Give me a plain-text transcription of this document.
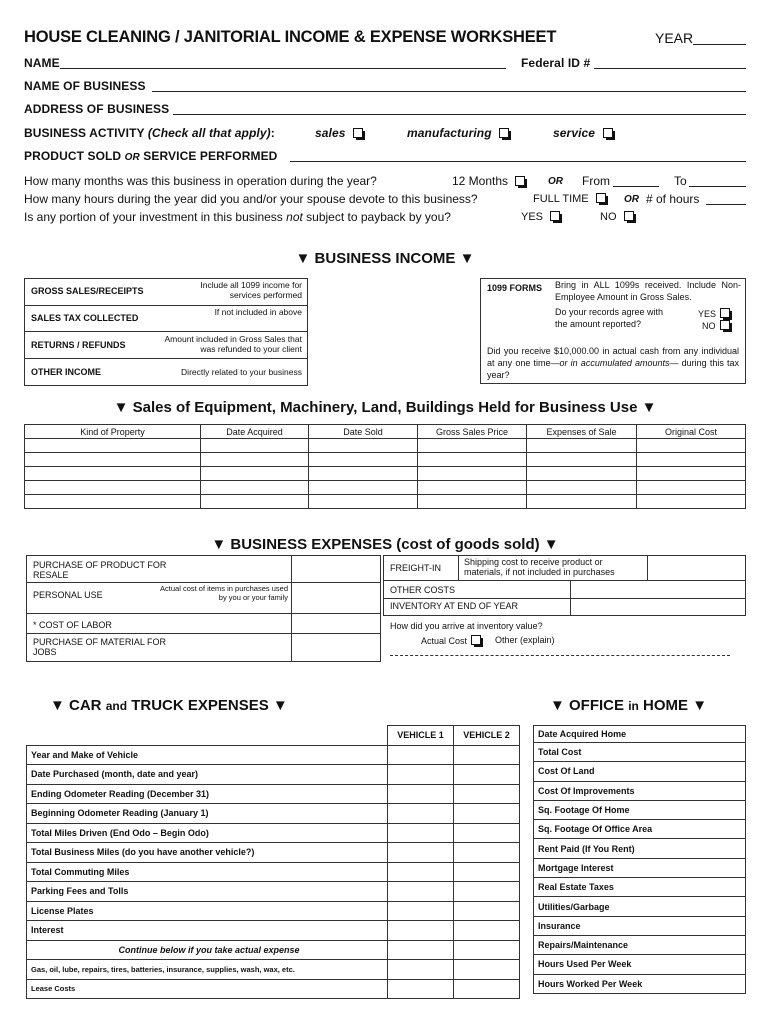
HOUSE CLEANING / JANITORIAL INCOME & EXPENSE WORKSHEET	YEAR
NAME	Federal ID #
NAME OF BUSINESS
ADDRESS OF BUSINESS
BUSINESS ACTIVITY (Check all that apply):	sales	manufacturing	service
PRODUCT SOLD OR SERVICE PERFORMED
How many months was this business in operation during the year?	12 Months	OR From	To
How many hours during the year did you and/or your spouse devote to this business?	FULL TIME	OR # of hours
Is any portion of your investment in this business not subject to payback by you?	YES	NO
▼ BUSINESS INCOME ▼
GROSS SALES/RECEIPTS
Include all 1099 income for services performed
SALES TAX COLLECTED
If not included in above
RETURNS / REFUNDS
Amount included in Gross Sales that was refunded to your client
OTHER INCOME	Directly related to your business
1099 FORMS Bring in ALL 1099s received. Include Non-Employee Amount in Gross Sales.
Do your records agree with the amount reported?
YES
NO
Did you receive $10,000.00 in actual cash from any individual at any one time—or in accumulated amounts— during this tax year?
▼ Sales of Equipment, Machinery, Land, Buildings Held for Business Use ▼
Kind of Property	Date Acquired	Date Sold	Gross Sales Price	Expenses of Sale	Original Cost

▼ BUSINESS EXPENSES (cost of goods sold) ▼
PURCHASE OF PRODUCT FOR RESALE
PERSONAL USE
Actual cost of items in purchases used by you or your family
* COST OF LABOR
PURCHASE OF MATERIAL FOR JOBS
FREIGHT-IN
Shipping cost to receive product or materials, if not included in purchases
OTHER COSTS
INVENTORY AT END OF YEAR
How did you arrive at inventory value?
Actual Cost	Other (explain)
▼ CAR and TRUCK EXPENSES ▼
	VEHICLE 1	VEHICLE 2
Year and Make of Vehicle		
Date Purchased (month, date and year)		
Ending Odometer Reading (December 31)		
Beginning Odometer Reading (January 1)		
Total Miles Driven (End Odo – Begin Odo)		
Total Business Miles (do you have another vehicle?)		
Total Commuting Miles		
Parking Fees and Tolls		
License Plates		
Interest		
Continue below if you take actual expense		
Gas, oil, lube, repairs, tires, batteries, insurance, supplies, wash, wax, etc.		
Lease Costs		
▼ OFFICE in HOME ▼
Date Acquired Home
Total Cost
Cost Of Land
Cost Of Improvements
Sq. Footage Of Home
Sq. Footage Of Office Area
Rent Paid (If You Rent)
Mortgage Interest
Real Estate Taxes
Utilities/Garbage
Insurance
Repairs/Maintenance
Hours Used Per Week
Hours Worked Per Week
